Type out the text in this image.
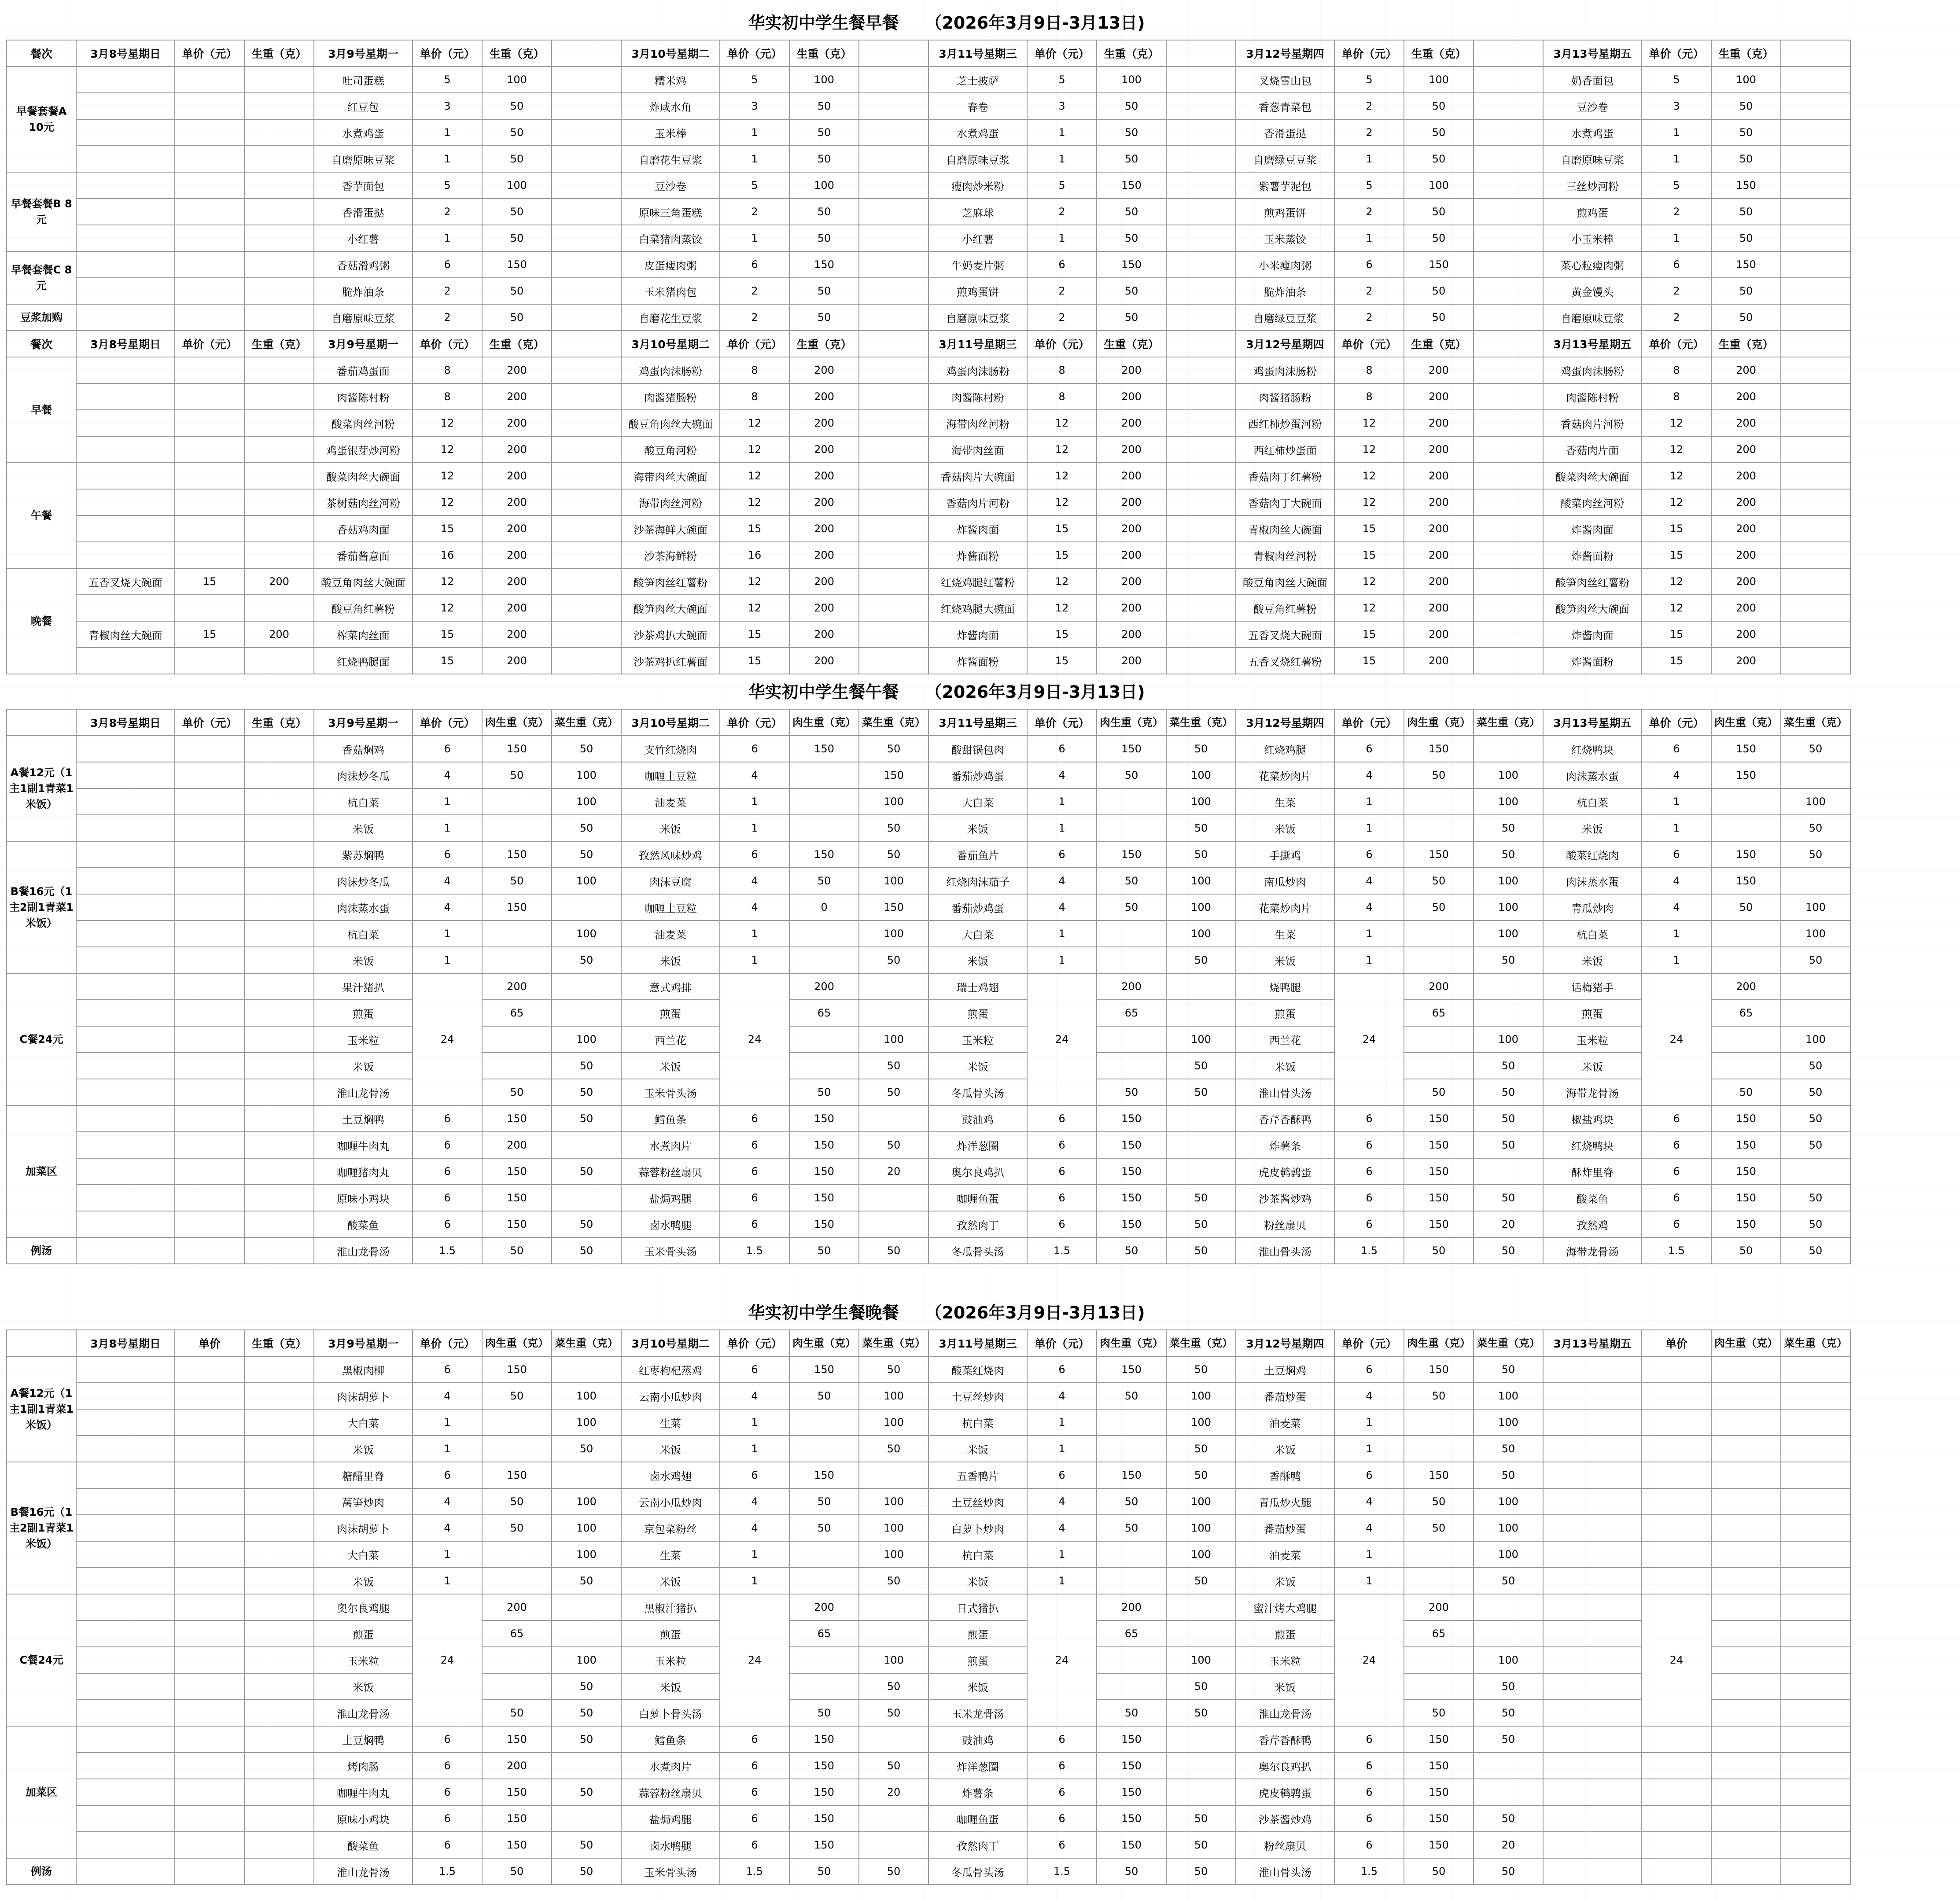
华实初中学生餐早餐 （2026年3月9日-3月13日)
餐次	3月8号星期日	单价（元）	生重（克）	3月9号星期一	单价（元）	生重（克）		3月10号星期二	单价（元）	生重（克）		3月11号星期三	单价（元）	生重（克）		3月12号星期四	单价（元）	生重（克）		3月13号星期五	单价（元）	生重（克）	
早餐套餐A 10元				吐司蛋糕	5	100		糯米鸡	5	100		芝士披萨	5	100		叉烧雪山包	5	100		奶香面包	5	100	
				红豆包	3	50		炸咸水角	3	50		春卷	3	50		香葱青菜包	2	50		豆沙卷	3	50	
				水煮鸡蛋	1	50		玉米棒	1	50		水煮鸡蛋	1	50		香滑蛋挞	2	50		水煮鸡蛋	1	50	
				自磨原味豆浆	1	50		自磨花生豆浆	1	50		自磨原味豆浆	1	50		自磨绿豆豆浆	1	50		自磨原味豆浆	1	50	
早餐套餐B 8元				香芋面包	5	100		豆沙卷	5	100		瘦肉炒米粉	5	150		紫薯芋泥包	5	100		三丝炒河粉	5	150	
				香滑蛋挞	2	50		原味三角蛋糕	2	50		芝麻球	2	50		煎鸡蛋饼	2	50		煎鸡蛋	2	50	
				小红薯	1	50		白菜猪肉蒸饺	1	50		小红薯	1	50		玉米蒸饺	1	50		小玉米棒	1	50	
早餐套餐C 8元				香菇滑鸡粥	6	150		皮蛋瘦肉粥	6	150		牛奶麦片粥	6	150		小米瘦肉粥	6	150		菜心粒瘦肉粥	6	150	
				脆炸油条	2	50		玉米猪肉包	2	50		煎鸡蛋饼	2	50		脆炸油条	2	50		黄金馒头	2	50	
豆浆加购				自磨原味豆浆	2	50		自磨花生豆浆	2	50		自磨原味豆浆	2	50		自磨绿豆豆浆	2	50		自磨原味豆浆	2	50	
餐次	3月8号星期日	单价（元）	生重（克）	3月9号星期一	单价（元）	生重（克）		3月10号星期二	单价（元）	生重（克）		3月11号星期三	单价（元）	生重（克）		3月12号星期四	单价（元）	生重（克）		3月13号星期五	单价（元）	生重（克）	
早餐				番茄鸡蛋面	8	200		鸡蛋肉沫肠粉	8	200		鸡蛋肉沫肠粉	8	200		鸡蛋肉沫肠粉	8	200		鸡蛋肉沫肠粉	8	200	
				肉酱陈村粉	8	200		肉酱猪肠粉	8	200		肉酱陈村粉	8	200		肉酱猪肠粉	8	200		肉酱陈村粉	8	200	
				酸菜肉丝河粉	12	200		酸豆角肉丝大碗面	12	200		海带肉丝河粉	12	200		西红柿炒蛋河粉	12	200		香菇肉片河粉	12	200	
				鸡蛋银芽炒河粉	12	200		酸豆角河粉	12	200		海带肉丝面	12	200		西红柿炒蛋面	12	200		香菇肉片面	12	200	
午餐				酸菜肉丝大碗面	12	200		海带肉丝大碗面	12	200		香菇肉片大碗面	12	200		香菇肉丁红薯粉	12	200		酸菜肉丝大碗面	12	200	
				茶树菇肉丝河粉	12	200		海带肉丝河粉	12	200		香菇肉片河粉	12	200		香菇肉丁大碗面	12	200		酸菜肉丝河粉	12	200	
				香菇鸡肉面	15	200		沙茶海鲜大碗面	15	200		炸酱肉面	15	200		青椒肉丝大碗面	15	200		炸酱肉面	15	200	
				番茄酱意面	16	200		沙茶海鲜粉	16	200		炸酱面粉	15	200		青椒肉丝河粉	15	200		炸酱面粉	15	200	
晚餐	五香叉烧大碗面	15	200	酸豆角肉丝大碗面	12	200		酸笋肉丝红薯粉	12	200		红烧鸡腿红薯粉	12	200		酸豆角肉丝大碗面	12	200		酸笋肉丝红薯粉	12	200	
				酸豆角红薯粉	12	200		酸笋肉丝大碗面	12	200		红烧鸡腿大碗面	12	200		酸豆角红薯粉	12	200		酸笋肉丝大碗面	12	200	
	青椒肉丝大碗面	15	200	榨菜肉丝面	15	200		沙茶鸡扒大碗面	15	200		炸酱肉面	15	200		五香叉烧大碗面	15	200		炸酱肉面	15	200	
				红烧鸭腿面	15	200		沙茶鸡扒红薯面	15	200		炸酱面粉	15	200		五香叉烧红薯粉	15	200		炸酱面粉	15	200	
华实初中学生餐午餐 （2026年3月9日-3月13日)
	3月8号星期日	单价（元）	生重（克）	3月9号星期一	单价（元）	肉生重（克）	菜生重（克）	3月10号星期二	单价（元）	肉生重（克）	菜生重（克）	3月11号星期三	单价（元）	肉生重（克）	菜生重（克）	3月12号星期四	单价（元）	肉生重（克）	菜生重（克）	3月13号星期五	单价（元）	肉生重（克）	菜生重（克）
A餐12元（1主1副1青菜1米饭）				香菇焖鸡	6	150	50	支竹红烧肉	6	150	50	酸甜锅包肉	6	150	50	红烧鸡腿	6	150		红烧鸭块	6	150	50
				肉沫炒冬瓜	4	50	100	咖喱土豆粒	4		150	番茄炒鸡蛋	4	50	100	花菜炒肉片	4	50	100	肉沫蒸水蛋	4	150	
				杭白菜	1		100	油麦菜	1		100	大白菜	1		100	生菜	1		100	杭白菜	1		100
				米饭	1		50	米饭	1		50	米饭	1		50	米饭	1		50	米饭	1		50
B餐16元（1主2副1青菜1米饭）				紫苏焖鸭	6	150	50	孜然风味炒鸡	6	150	50	番茄鱼片	6	150	50	手撕鸡	6	150	50	酸菜红烧肉	6	150	50
				肉沫炒冬瓜	4	50	100	肉沫豆腐	4	50	100	红烧肉沫茄子	4	50	100	南瓜炒肉	4	50	100	肉沫蒸水蛋	4	150	
				肉沫蒸水蛋	4	150		咖喱土豆粒	4	0	150	番茄炒鸡蛋	4	50	100	花菜炒肉片	4	50	100	青瓜炒肉	4	50	100
				杭白菜	1		100	油麦菜	1		100	大白菜	1		100	生菜	1		100	杭白菜	1		100
				米饭	1		50	米饭	1		50	米饭	1		50	米饭	1		50	米饭	1		50
C餐24元				果汁猪扒	24	200		意式鸡排	24	200		瑞士鸡翅	24	200		烧鸭腿	24	200		话梅猪手	24	200	
				煎蛋		65		煎蛋		65		煎蛋		65		煎蛋		65		煎蛋		65	
				玉米粒			100	西兰花			100	玉米粒			100	西兰花			100	玉米粒			100
				米饭			50	米饭			50	米饭			50	米饭			50	米饭			50
				淮山龙骨汤		50	50	玉米骨头汤		50	50	冬瓜骨头汤		50	50	淮山骨头汤		50	50	海带龙骨汤		50	50
加菜区				土豆焖鸭	6	150	50	鳕鱼条	6	150		豉油鸡	6	150		香芹香酥鸭	6	150	50	椒盐鸡块	6	150	50
				咖喱牛肉丸	6	200		水煮肉片	6	150	50	炸洋葱圈	6	150		炸薯条	6	150	50	红烧鸭块	6	150	50
				咖喱猪肉丸	6	150	50	蒜蓉粉丝扇贝	6	150	20	奥尔良鸡扒	6	150		虎皮鹌鹑蛋	6	150		酥炸里脊	6	150	
				原味小鸡块	6	150		盐焗鸡腿	6	150		咖喱鱼蛋	6	150	50	沙茶酱炒鸡	6	150	50	酸菜鱼	6	150	50
				酸菜鱼	6	150	50	卤水鸭腿	6	150		孜然肉丁	6	150	50	粉丝扇贝	6	150	20	孜然鸡	6	150	50
例汤				淮山龙骨汤	1.5	50	50	玉米骨头汤	1.5	50	50	冬瓜骨头汤	1.5	50	50	淮山骨头汤	1.5	50	50	海带龙骨汤	1.5	50	50
华实初中学生餐晚餐 （2026年3月9日-3月13日)
	3月8号星期日	单价	生重（克）	3月9号星期一	单价（元）	肉生重（克）	菜生重（克）	3月10号星期二	单价（元）	肉生重（克）	菜生重（克）	3月11号星期三	单价（元）	肉生重（克）	菜生重（克）	3月12号星期四	单价（元）	肉生重（克）	菜生重（克）	3月13号星期五	单价	肉生重（克）	菜生重（克）
A餐12元（1主1副1青菜1米饭）				黑椒肉柳	6	150		红枣枸杞蒸鸡	6	150	50	酸菜红烧肉	6	150	50	土豆焖鸡	6	150	50				
				肉沫胡萝卜	4	50	100	云南小瓜炒肉	4	50	100	土豆丝炒肉	4	50	100	番茄炒蛋	4	50	100				
				大白菜	1		100	生菜	1		100	杭白菜	1		100	油麦菜	1		100				
				米饭	1		50	米饭	1		50	米饭	1		50	米饭	1		50				
B餐16元（1主2副1青菜1米饭）				糖醋里脊	6	150		卤水鸡翅	6	150		五香鸭片	6	150	50	香酥鸭	6	150	50				
				莴笋炒肉	4	50	100	云南小瓜炒肉	4	50	100	土豆丝炒肉	4	50	100	青瓜炒火腿	4	50	100				
				肉沫胡萝卜	4	50	100	京包菜粉丝	4	50	100	白萝卜炒肉	4	50	100	番茄炒蛋	4	50	100				
				大白菜	1		100	生菜	1		100	杭白菜	1		100	油麦菜	1		100				
				米饭	1		50	米饭	1		50	米饭	1		50	米饭	1		50				
C餐24元				奥尔良鸡腿	24	200		黑椒汁猪扒	24	200		日式猪扒	24	200		蜜汁烤大鸡腿	24	200			24		
				煎蛋		65		煎蛋		65		煎蛋		65		煎蛋		65					
				玉米粒			100	玉米粒			100	煎蛋			100	玉米粒			100				
				米饭			50	米饭			50	米饭			50	米饭			50				
				淮山龙骨汤		50	50	白萝卜骨头汤		50	50	玉米龙骨汤		50	50	淮山龙骨汤		50	50				
加菜区				土豆焖鸭	6	150	50	鳕鱼条	6	150		豉油鸡	6	150		香芹香酥鸭	6	150	50				
				烤肉肠	6	200		水煮肉片	6	150	50	炸洋葱圈	6	150		奥尔良鸡扒	6	150					
				咖喱牛肉丸	6	150	50	蒜蓉粉丝扇贝	6	150	20	炸薯条	6	150		虎皮鹌鹑蛋	6	150					
				原味小鸡块	6	150		盐焗鸡腿	6	150		咖喱鱼蛋	6	150	50	沙茶酱炒鸡	6	150	50				
				酸菜鱼	6	150	50	卤水鸭腿	6	150		孜然肉丁	6	150	50	粉丝扇贝	6	150	20				
例汤				淮山龙骨汤	1.5	50	50	玉米骨头汤	1.5	50	50	冬瓜骨头汤	1.5	50	50	淮山骨头汤	1.5	50	50				
